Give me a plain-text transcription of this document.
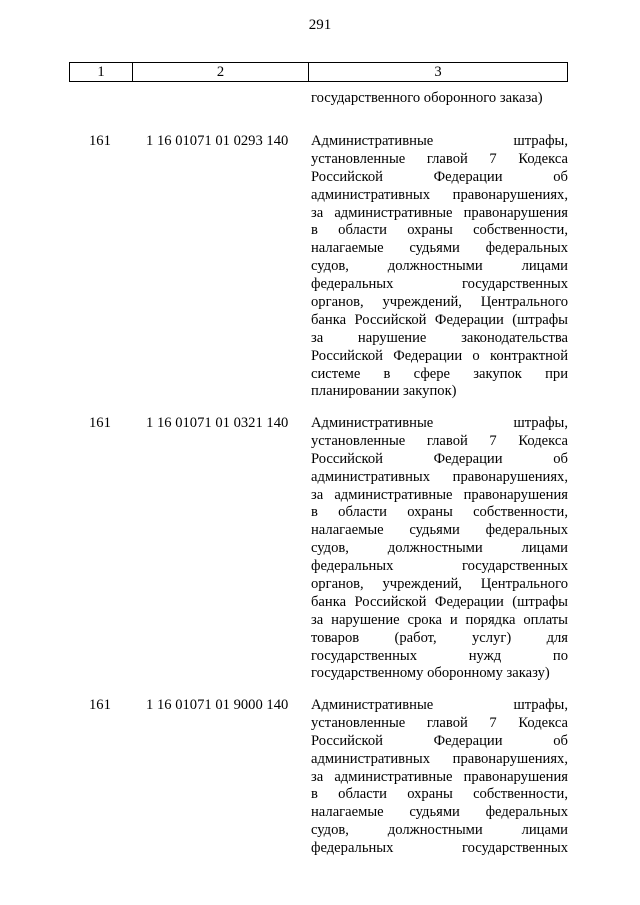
291
1	2	3
государственного оборонного заказа)
161 1 16 01071 01 0293 140 Административные штрафы,
установленные главой 7 Кодекса
Российской Федерации об
административных правонарушениях,
за административные правонарушения
в области охраны собственности,
налагаемые судьями федеральных
судов, должностными лицами
федеральных государственных
органов, учреждений, Центрального
банка Российской Федерации (штрафы
за нарушение законодательства
Российской Федерации о контрактной
системе в сфере закупок при
планировании закупок)
161 1 16 01071 01 0321 140 Административные штрафы,
установленные главой 7 Кодекса
Российской Федерации об
административных правонарушениях,
за административные правонарушения
в области охраны собственности,
налагаемые судьями федеральных
судов, должностными лицами
федеральных государственных
органов, учреждений, Центрального
банка Российской Федерации (штрафы
за нарушение срока и порядка оплаты
товаров (работ, услуг) для
государственных нужд по
государственному оборонному заказу)
161 1 16 01071 01 9000 140 Административные штрафы,
установленные главой 7 Кодекса
Российской Федерации об
административных правонарушениях,
за административные правонарушения
в области охраны собственности,
налагаемые судьями федеральных
судов, должностными лицами
федеральных государственных
